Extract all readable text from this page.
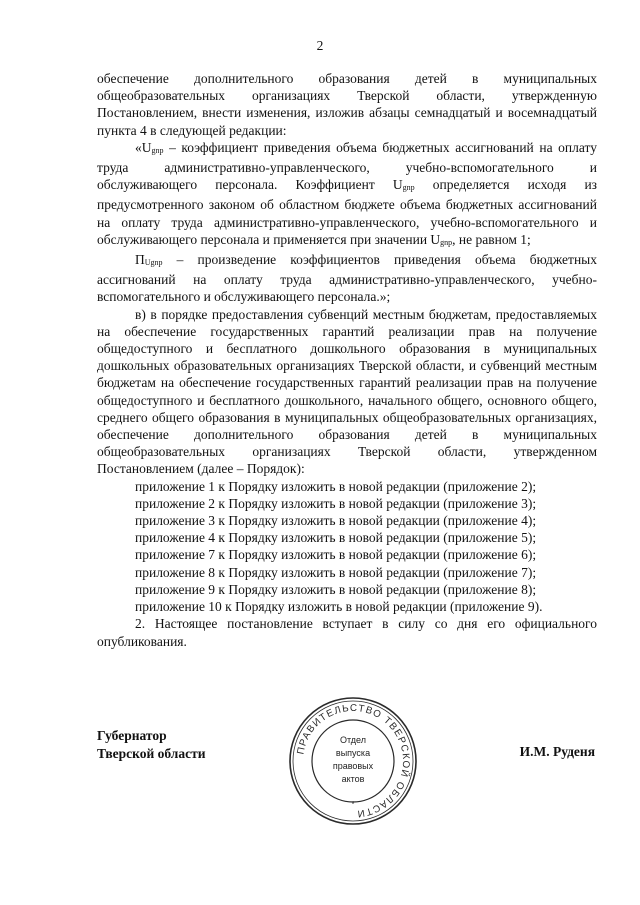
2

обеспечение дополнительного образования детей в муниципальных общеобразовательных организациях Тверской области, утвержденную Постановлением, внести изменения, изложив абзацы семнадцатый и восемнадцатый пункта 4 в следующей редакции:

«$U_{gnp}$ – коэффициент приведения объема бюджетных ассигнований на оплату труда административно-управленческого, учебно-вспомогательного и обслуживающего персонала. Коэффициент $U_{gnp}$ определяется исходя из предусмотренного законом об областном бюджете объема бюджетных ассигнований на оплату труда административно-управленческого, учебно-вспомогательного и обслуживающего персонала и применяется при значении $U_{gnp}$, не равном 1;

$П_{Ugnp}$ – произведение коэффициентов приведения объема бюджетных ассигнований на оплату труда административно-управленческого, учебно-вспомогательного и обслуживающего персонала.»;

в) в порядке предоставления субвенций местным бюджетам, предоставляемых на обеспечение государственных гарантий реализации прав на получение общедоступного и бесплатного дошкольного образования в муниципальных дошкольных образовательных организациях Тверской области, и субвенций местным бюджетам на обеспечение государственных гарантий реализации прав на получение общедоступного и бесплатного дошкольного, начального общего, основного общего, среднего общего образования в муниципальных общеобразовательных организациях, обеспечение дополнительного образования детей в муниципальных общеобразовательных организациях Тверской области, утвержденном Постановлением (далее – Порядок):

приложение 1 к Порядку изложить в новой редакции (приложение 2);

приложение 2 к Порядку изложить в новой редакции (приложение 3);

приложение 3 к Порядку изложить в новой редакции (приложение 4);

приложение 4 к Порядку изложить в новой редакции (приложение 5);

приложение 7 к Порядку изложить в новой редакции (приложение 6);

приложение 8 к Порядку изложить в новой редакции (приложение 7);

приложение 9 к Порядку изложить в новой редакции (приложение 8);

приложение 10 к Порядку изложить в новой редакции (приложение 9).

2. Настоящее постановление вступает в силу со дня его официального опубликования.

Губернатор
Тверской области	И.М. Руденя
ПРАВИТЕЛЬСТВО ТВЕРСКОЙ ОБЛАСТИ
*
Отдел
выпуска
правовых
актов
